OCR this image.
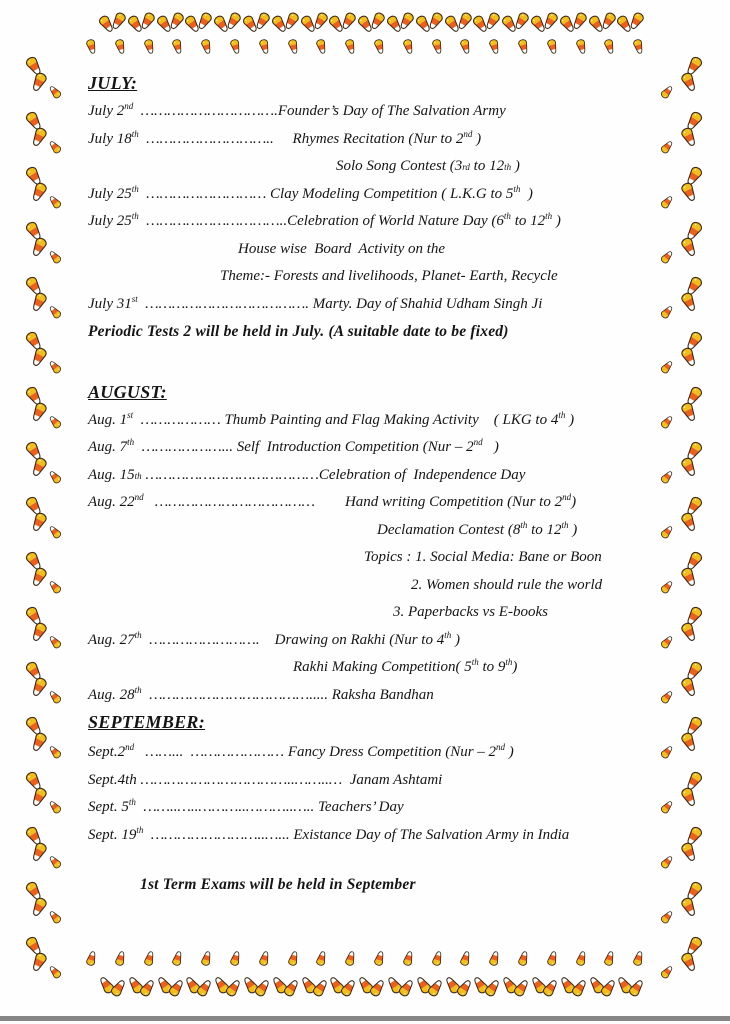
JULY:
July 2nd  ………………………….Founder’s Day of The Salvation Army
July 18th  ………………………..     Rhymes Recitation (Nur to 2nd )
Solo Song Contest (3rd to 12th )
July 25th  ……………………… Clay Modeling Competition ( L.K.G to 5th  )
July 25th  …………………………..Celebration of World Nature Day (6th to 12th )
House wise  Board  Activity on the
Theme:- Forests and livelihoods, Planet- Earth, Recycle
July 31st  ………………………………. Marty. Day of Shahid Udham Singh Ji
Periodic Tests 2 will be held in July. (A suitable date to be fixed)
AUGUST:
Aug. 1st  ……………… Thumb Painting and Flag Making Activity    ( LKG to 4th )
Aug. 7th  ………………... Self  Introduction Competition (Nur – 2nd   )
Aug. 15th …………………………………Celebration of  Independence Day
Aug. 22nd   ………………………………        Hand writing Competition (Nur to 2nd)
Declamation Contest (8th to 12th )
Topics : 1. Social Media: Bane or Boon
2. Women should rule the world
3. Paperbacks vs E-books
Aug. 27th  …………………….    Drawing on Rakhi (Nur to 4th )
Rakhi Making Competition( 5th to 9th)
Aug. 28th  ………………………………..... Raksha Bandhan
SEPTEMBER:
Sept.2nd   ……...  ………………… Fancy Dress Competition (Nur – 2nd )
Sept.4th ……………………………..……..…  Janam Ashtami
Sept. 5th  ……..…..………..………..….. Teachers’ Day
Sept. 19th  ……………………..…... Existance Day of The Salvation Army in India
1st Term Exams will be held in September
